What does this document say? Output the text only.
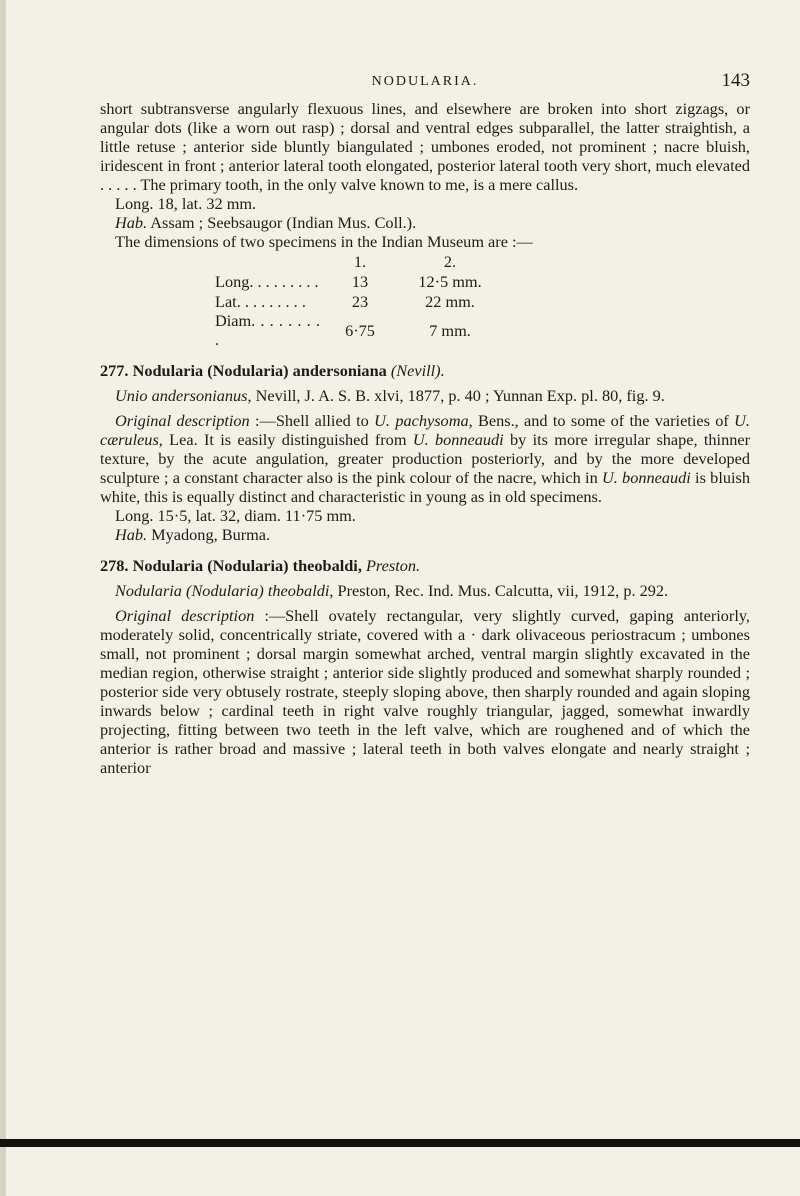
NODULARIA.	143

short subtransverse angularly flexuous lines, and elsewhere are broken into short zigzags, or angular dots (like a worn out rasp) ; dorsal and ventral edges subparallel, the latter straightish, a little retuse ; anterior side bluntly biangulated ; umbones eroded, not prominent ; nacre bluish, iridescent in front ; anterior lateral tooth elongated, posterior lateral tooth very short, much elevated . . . . . The primary tooth, in the only valve known to me, is a mere callus.

Long. 18, lat. 32 mm.

Hab. Assam ; Seebsaugor (Indian Mus. Coll.).

The dimensions of two specimens in the Indian Museum are :—

	1.	2.
Long. . . . . . . . .	13	12·5 mm.
Lat. . . . . . . . .	23	22 mm.
Diam. . . . . . . . .	6·75	7 mm.

277. Nodularia (Nodularia) andersoniana (Nevill).

Unio andersonianus, Nevill, J. A. S. B. xlvi, 1877, p. 40 ; Yunnan Exp. pl. 80, fig. 9.

Original description :—Shell allied to U. pachysoma, Bens., and to some of the varieties of U. cæruleus, Lea. It is easily distinguished from U. bonneaudi by its more irregular shape, thinner texture, by the acute angulation, greater production posteriorly, and by the more developed sculpture ; a constant character also is the pink colour of the nacre, which in U. bonneaudi is bluish white, this is equally distinct and characteristic in young as in old specimens.

Long. 15·5, lat. 32, diam. 11·75 mm.

Hab. Myadong, Burma.

278. Nodularia (Nodularia) theobaldi, Preston.

Nodularia (Nodularia) theobaldi, Preston, Rec. Ind. Mus. Calcutta, vii, 1912, p. 292.

Original description :—Shell ovately rectangular, very slightly curved, gaping anteriorly, moderately solid, concentrically striate, covered with a · dark olivaceous periostracum ; umbones small, not prominent ; dorsal margin somewhat arched, ventral margin slightly excavated in the median region, otherwise straight ; anterior side slightly produced and somewhat sharply rounded ; posterior side very obtusely rostrate, steeply sloping above, then sharply rounded and again sloping inwards below ; cardinal teeth in right valve roughly triangular, jagged, somewhat inwardly projecting, fitting between two teeth in the left valve, which are roughened and of which the anterior is rather broad and massive ; lateral teeth in both valves elongate and nearly straight ; anterior
